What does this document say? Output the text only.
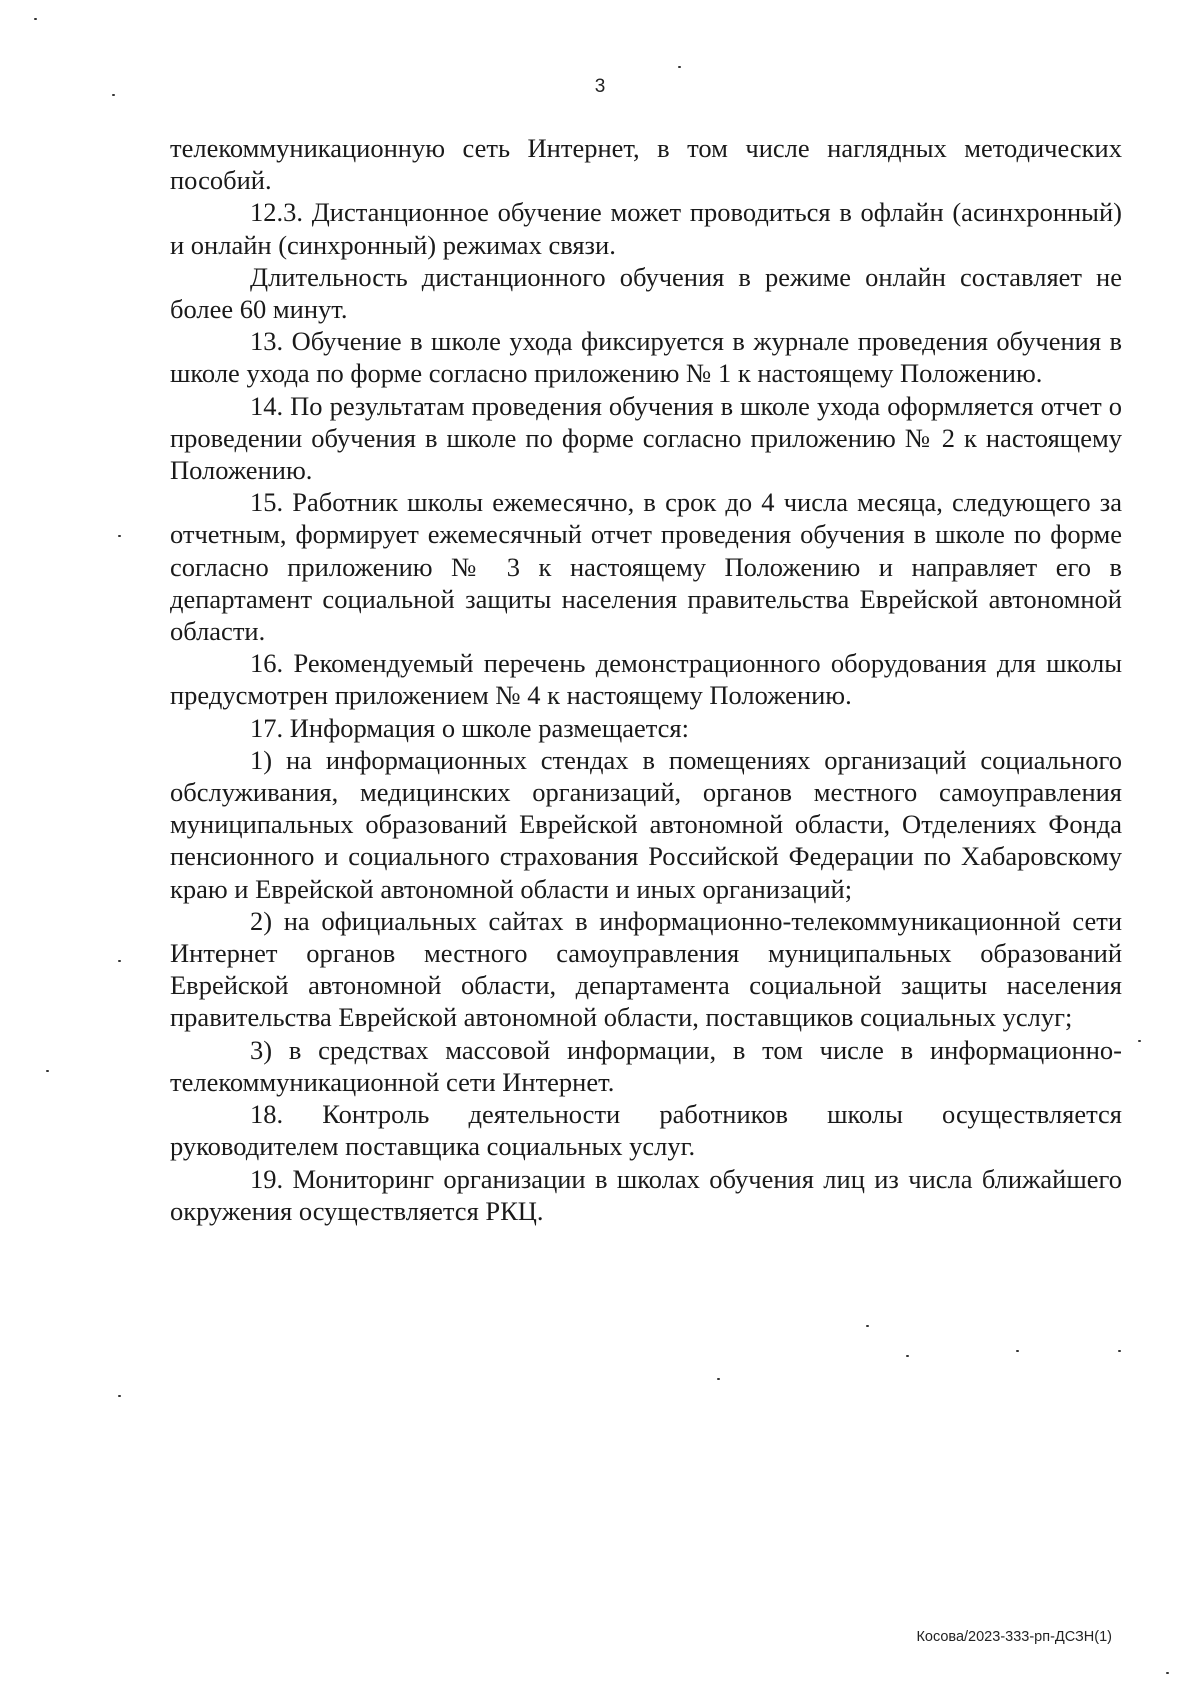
3

телекоммуникационную сеть Интернет, в том числе наглядных методических пособий.

12.3. Дистанционное обучение может проводиться в офлайн (асинхронный) и онлайн (синхронный) режимах связи.

Длительность дистанционного обучения в режиме онлайн составляет не более 60 минут.

13. Обучение в школе ухода фиксируется в журнале проведения обучения в школе ухода по форме согласно приложению № 1 к настоящему Положению.

14. По результатам проведения обучения в школе ухода оформляется отчет о проведении обучения в школе по форме согласно приложению № 2 к настоящему Положению.

15. Работник школы ежемесячно, в срок до 4 числа месяца, следующего за отчетным, формирует ежемесячный отчет проведения обучения в школе по форме согласно приложению № 3 к настоящему Положению и направляет его в департамент социальной защиты населения правительства Еврейской автономной области.

16. Рекомендуемый перечень демонстрационного оборудования для школы предусмотрен приложением № 4 к настоящему Положению.

17. Информация о школе размещается:

1) на информационных стендах в помещениях организаций социального обслуживания, медицинских организаций, органов местного самоуправления муниципальных образований Еврейской автономной области, Отделениях Фонда пенсионного и социального страхования Российской Федерации по Хабаровскому краю и Еврейской автономной области и иных организаций;

2) на официальных сайтах в информационно-телекоммуникационной сети Интернет органов местного самоуправления муниципальных образований Еврейской автономной области, департамента социальной защиты населения правительства Еврейской автономной области, поставщиков социальных услуг;

3) в средствах массовой информации, в том числе в информационно-телекоммуникационной сети Интернет.

18. Контроль деятельности работников школы осуществляется руководителем поставщика социальных услуг.

19. Мониторинг организации в школах обучения лиц из числа ближайшего окружения осуществляется РКЦ.

Косова/2023-333-рп-ДСЗН(1)
